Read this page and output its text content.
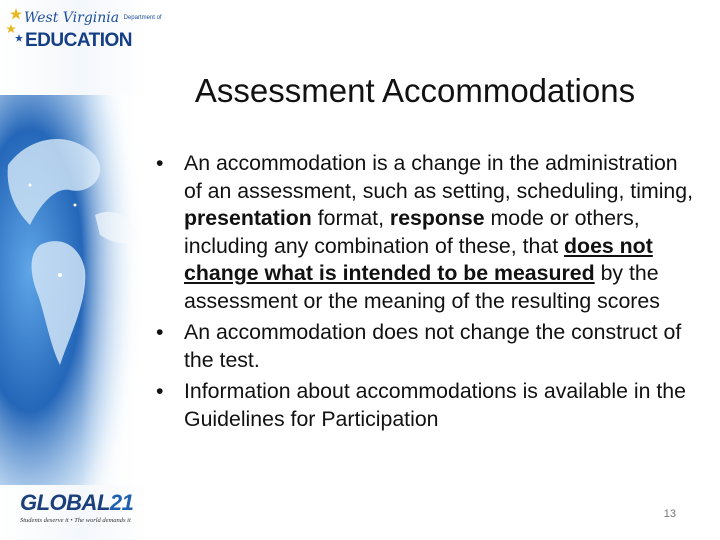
West Virginia Department of
EDUCATION
GLOBAL21
Students deserve it • The world demands it
Assessment Accommodations
• An accommodation is a change in the administration of an assessment, such as setting, scheduling, timing, presentation format, response mode or others, including any combination of these, that does not change what is intended to be measured by the assessment or the meaning of the resulting scores
• An accommodation does not change the construct of the test.
• Information about accommodations is available in the Guidelines for Participation
13
